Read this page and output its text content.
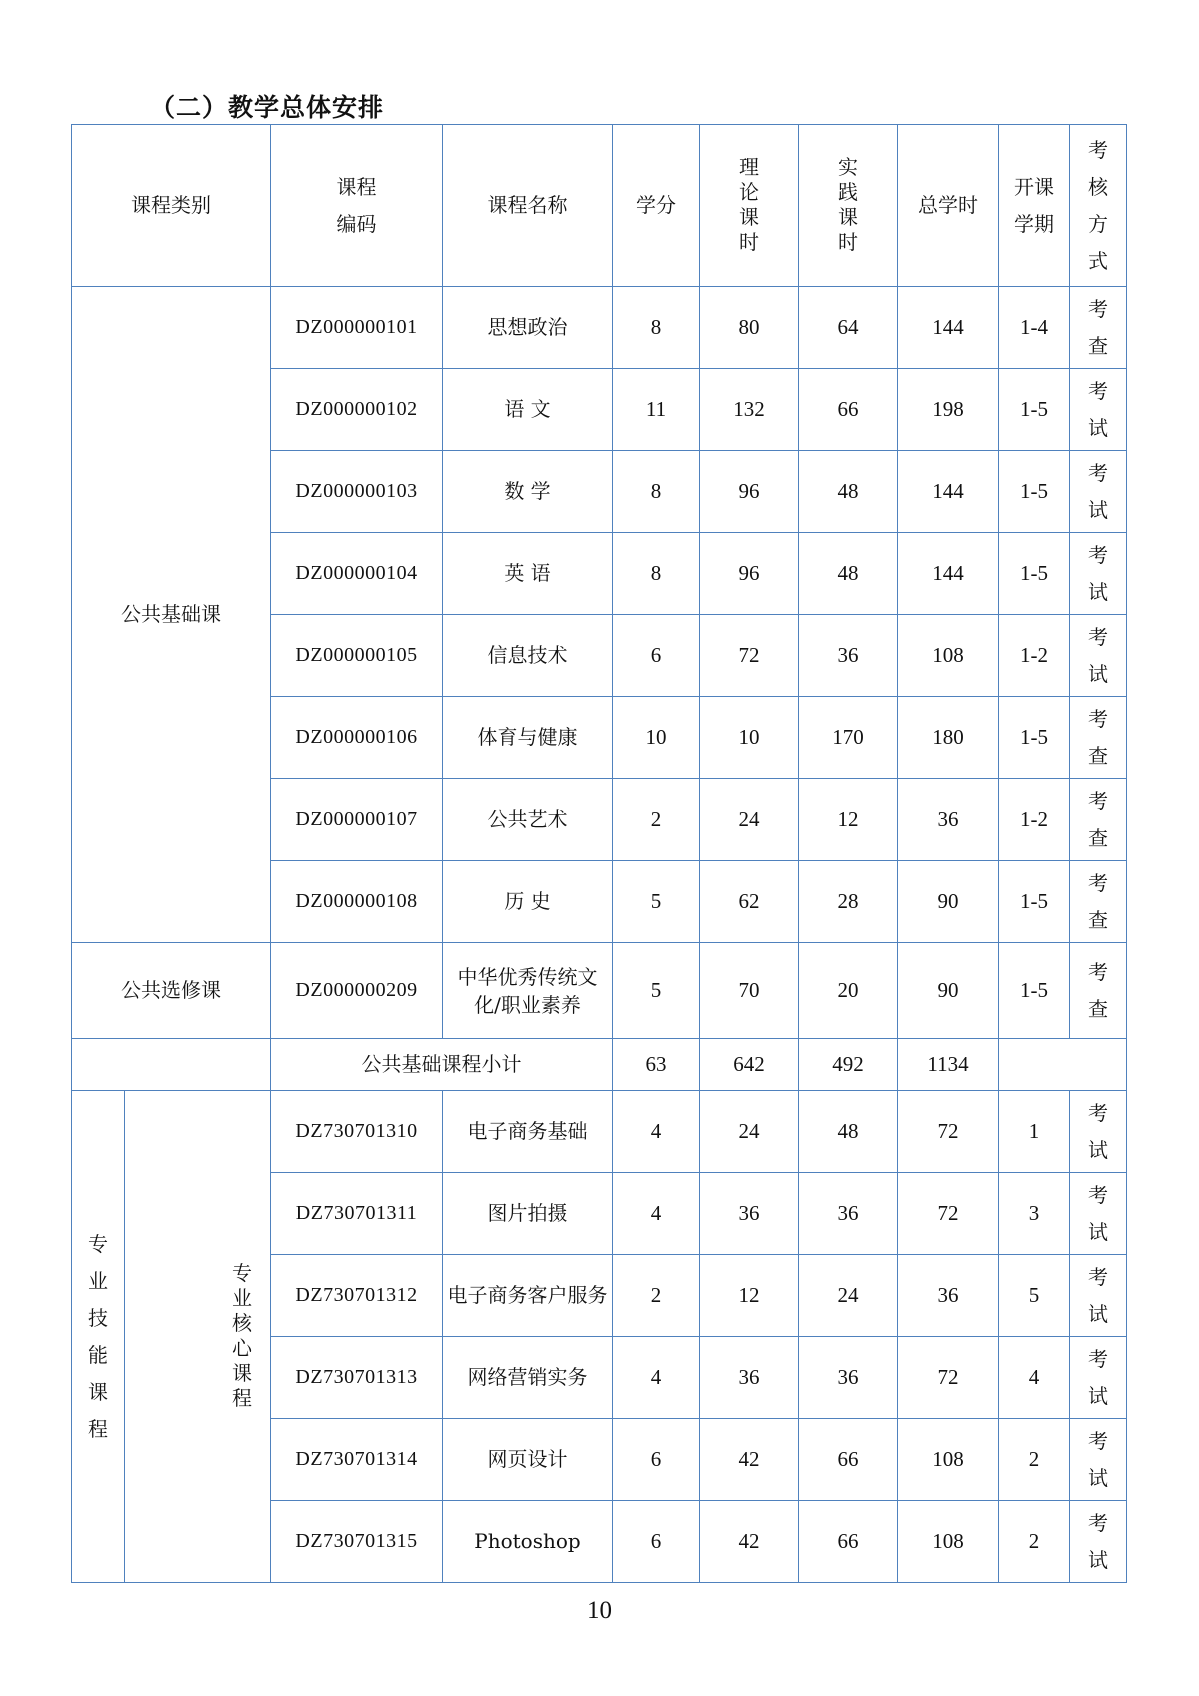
（二）教学总体安排
课程类别		课程编码	课程名称	学分	理论课时	实践课时	总学时	开课学期	考核方式
公共基础课		DZ000000101	思想政治	8	80	64	144	1-4	考查
		DZ000000102	语 文	11	132	66	198	1-5	考试
		DZ000000103	数 学	8	96	48	144	1-5	考试
		DZ000000104	英 语	8	96	48	144	1-5	考试
		DZ000000105	信息技术	6	72	36	108	1-2	考试
		DZ000000106	体育与健康	10	10	170	180	1-5	考查
		DZ000000107	公共艺术	2	24	12	36	1-2	考查
		DZ000000108	历 史	5	62	28	90	1-5	考查
公共选修课		DZ000000209	中华优秀传统文化/职业素养	5	70	20	90	1-5	考查
		公共基础课程小计		63	642	492	1134		
专业技能课程	专业核心课程	DZ730701310	电子商务基础	4	24	48	72	1	考试
		DZ730701311	图片拍摄	4	36	36	72	3	考试
		DZ730701312	电子商务客户服务	2	12	24	36	5	考试
		DZ730701313	网络营销实务	4	36	36	72	4	考试
		DZ730701314	网页设计	6	42	66	108	2	考试
		DZ730701315	Photoshop	6	42	66	108	2	考试
10
